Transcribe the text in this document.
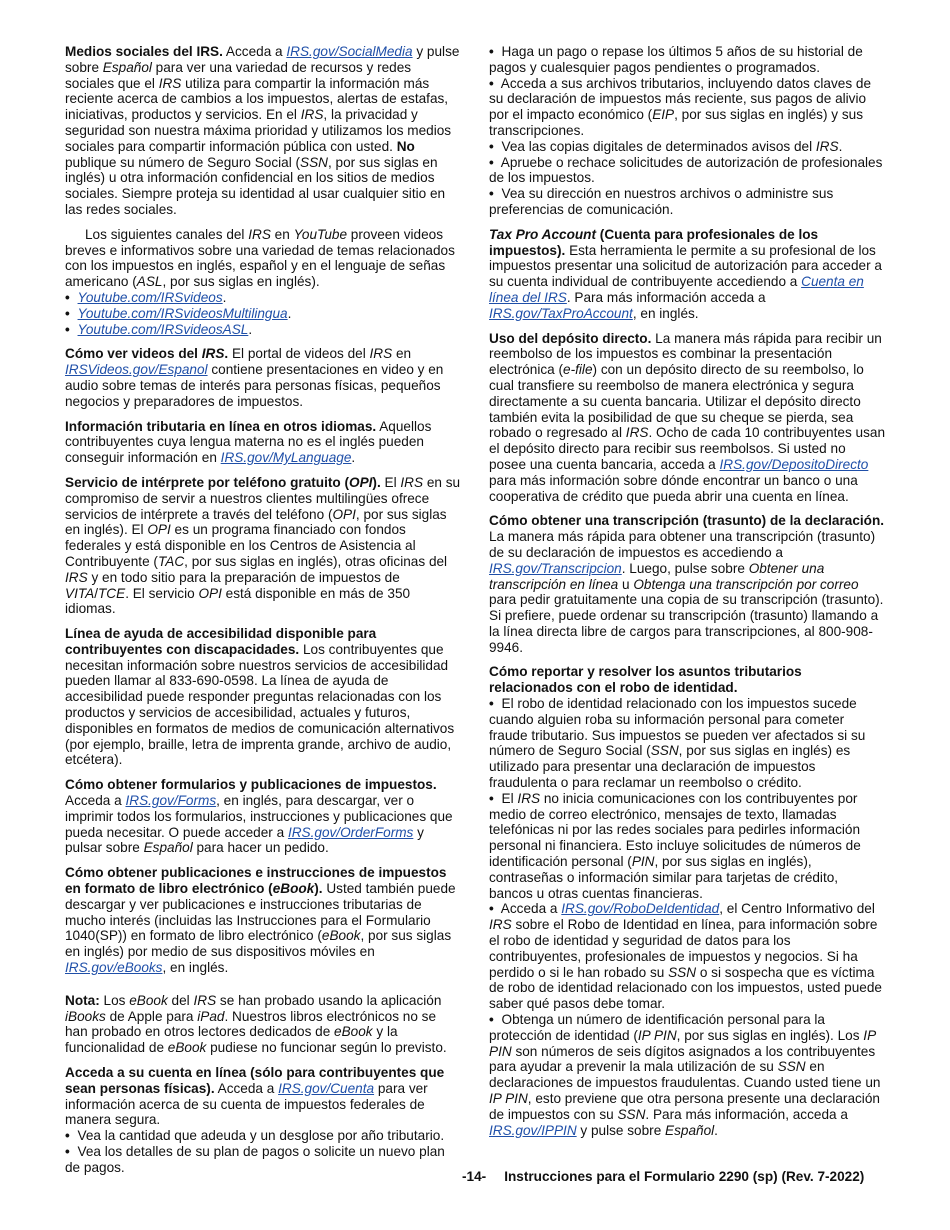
Medios sociales del IRS. Acceda a IRS.gov/SocialMedia y pulse sobre Español para ver una variedad de recursos y redes sociales que el IRS utiliza para compartir la información más reciente acerca de cambios a los impuestos, alertas de estafas, iniciativas, productos y servicios. En el IRS, la privacidad y seguridad son nuestra máxima prioridad y utilizamos los medios sociales para compartir información pública con usted. No publique su número de Seguro Social (SSN, por sus siglas en inglés) u otra información confidencial en los sitios de medios sociales. Siempre proteja su identidad al usar cualquier sitio en las redes sociales.

Los siguientes canales del IRS en YouTube proveen videos breves e informativos sobre una variedad de temas relacionados con los impuestos en inglés, español y en el lenguaje de señas americano (ASL, por sus siglas en inglés).

• Youtube.com/IRSvideos.
• Youtube.com/IRSvideosMultilingua.
• Youtube.com/IRSvideosASL.

Cómo ver videos del IRS. El portal de videos del IRS en IRSVideos.gov/Espanol contiene presentaciones en video y en audio sobre temas de interés para personas físicas, pequeños negocios y preparadores de impuestos.

Información tributaria en línea en otros idiomas. Aquellos contribuyentes cuya lengua materna no es el inglés pueden conseguir información en IRS.gov/MyLanguage.

Servicio de intérprete por teléfono gratuito (OPI). El IRS en su compromiso de servir a nuestros clientes multilingües ofrece servicios de intérprete a través del teléfono (OPI, por sus siglas en inglés). El OPI es un programa financiado con fondos federales y está disponible en los Centros de Asistencia al Contribuyente (TAC, por sus siglas en inglés), otras oficinas del IRS y en todo sitio para la preparación de impuestos de VITA/TCE. El servicio OPI está disponible en más de 350 idiomas.

Línea de ayuda de accesibilidad disponible para contribuyentes con discapacidades. Los contribuyentes que necesitan información sobre nuestros servicios de accesibilidad pueden llamar al 833-690-0598. La línea de ayuda de accesibilidad puede responder preguntas relacionadas con los productos y servicios de accesibilidad, actuales y futuros, disponibles en formatos de medios de comunicación alternativos (por ejemplo, braille, letra de imprenta grande, archivo de audio, etcétera).

Cómo obtener formularios y publicaciones de impuestos. Acceda a IRS.gov/Forms, en inglés, para descargar, ver o imprimir todos los formularios, instrucciones y publicaciones que pueda necesitar. O puede acceder a IRS.gov/OrderForms y pulsar sobre Español para hacer un pedido.

Cómo obtener publicaciones e instrucciones de impuestos en formato de libro electrónico (eBook). Usted también puede descargar y ver publicaciones e instrucciones tributarias de mucho interés (incluidas las Instrucciones para el Formulario 1040(SP)) en formato de libro electrónico (eBook, por sus siglas en inglés) por medio de sus dispositivos móviles en IRS.gov/eBooks, en inglés.

Nota: Los eBook del IRS se han probado usando la aplicación iBooks de Apple para iPad. Nuestros libros electrónicos no se han probado en otros lectores dedicados de eBook y la funcionalidad de eBook pudiese no funcionar según lo previsto.

Acceda a su cuenta en línea (sólo para contribuyentes que sean personas físicas). Acceda a IRS.gov/Cuenta para ver información acerca de su cuenta de impuestos federales de manera segura.

• Vea la cantidad que adeuda y un desglose por año tributario.
• Vea los detalles de su plan de pagos o solicite un nuevo plan de pagos.
• Haga un pago o repase los últimos 5 años de su historial de pagos y cualesquier pagos pendientes o programados.
• Acceda a sus archivos tributarios, incluyendo datos claves de su declaración de impuestos más reciente, sus pagos de alivio por el impacto económico (EIP, por sus siglas en inglés) y sus transcripciones.
• Vea las copias digitales de determinados avisos del IRS.
• Apruebe o rechace solicitudes de autorización de profesionales de los impuestos.
• Vea su dirección en nuestros archivos o administre sus preferencias de comunicación.

Tax Pro Account (Cuenta para profesionales de los impuestos). Esta herramienta le permite a su profesional de los impuestos presentar una solicitud de autorización para acceder a su cuenta individual de contribuyente accediendo a Cuenta en línea del IRS. Para más información acceda a IRS.gov/TaxProAccount, en inglés.

Uso del depósito directo. La manera más rápida para recibir un reembolso de los impuestos es combinar la presentación electrónica (e-file) con un depósito directo de su reembolso, lo cual transfiere su reembolso de manera electrónica y segura directamente a su cuenta bancaria. Utilizar el depósito directo también evita la posibilidad de que su cheque se pierda, sea robado o regresado al IRS. Ocho de cada 10 contribuyentes usan el depósito directo para recibir sus reembolsos. Si usted no posee una cuenta bancaria, acceda a IRS.gov/DepositoDirecto para más información sobre dónde encontrar un banco o una cooperativa de crédito que pueda abrir una cuenta en línea.

Cómo obtener una transcripción (trasunto) de la declaración. La manera más rápida para obtener una transcripción (trasunto) de su declaración de impuestos es accediendo a IRS.gov/Transcripcion. Luego, pulse sobre Obtener una transcripción en línea u Obtenga una transcripción por correo para pedir gratuitamente una copia de su transcripción (trasunto). Si prefiere, puede ordenar su transcripción (trasunto) llamando a la línea directa libre de cargos para transcripciones, al 800-908-9946.

Cómo reportar y resolver los asuntos tributarios relacionados con el robo de identidad.

• El robo de identidad relacionado con los impuestos sucede cuando alguien roba su información personal para cometer fraude tributario. Sus impuestos se pueden ver afectados si su número de Seguro Social (SSN, por sus siglas en inglés) es utilizado para presentar una declaración de impuestos fraudulenta o para reclamar un reembolso o crédito.
• El IRS no inicia comunicaciones con los contribuyentes por medio de correo electrónico, mensajes de texto, llamadas telefónicas ni por las redes sociales para pedirles información personal ni financiera. Esto incluye solicitudes de números de identificación personal (PIN, por sus siglas en inglés), contraseñas o información similar para tarjetas de crédito, bancos u otras cuentas financieras.
• Acceda a IRS.gov/RoboDeIdentidad, el Centro Informativo del IRS sobre el Robo de Identidad en línea, para información sobre el robo de identidad y seguridad de datos para los contribuyentes, profesionales de impuestos y negocios. Si ha perdido o si le han robado su SSN o si sospecha que es víctima de robo de identidad relacionado con los impuestos, usted puede saber qué pasos debe tomar.
• Obtenga un número de identificación personal para la protección de identidad (IP PIN, por sus siglas en inglés). Los IP PIN son números de seis dígitos asignados a los contribuyentes para ayudar a prevenir la mala utilización de su SSN en declaraciones de impuestos fraudulentas. Cuando usted tiene un IP PIN, esto previene que otra persona presente una declaración de impuestos con su SSN. Para más información, acceda a IRS.gov/IPPIN y pulse sobre Español.
-14- Instrucciones para el Formulario 2290 (sp) (Rev. 7-2022)
